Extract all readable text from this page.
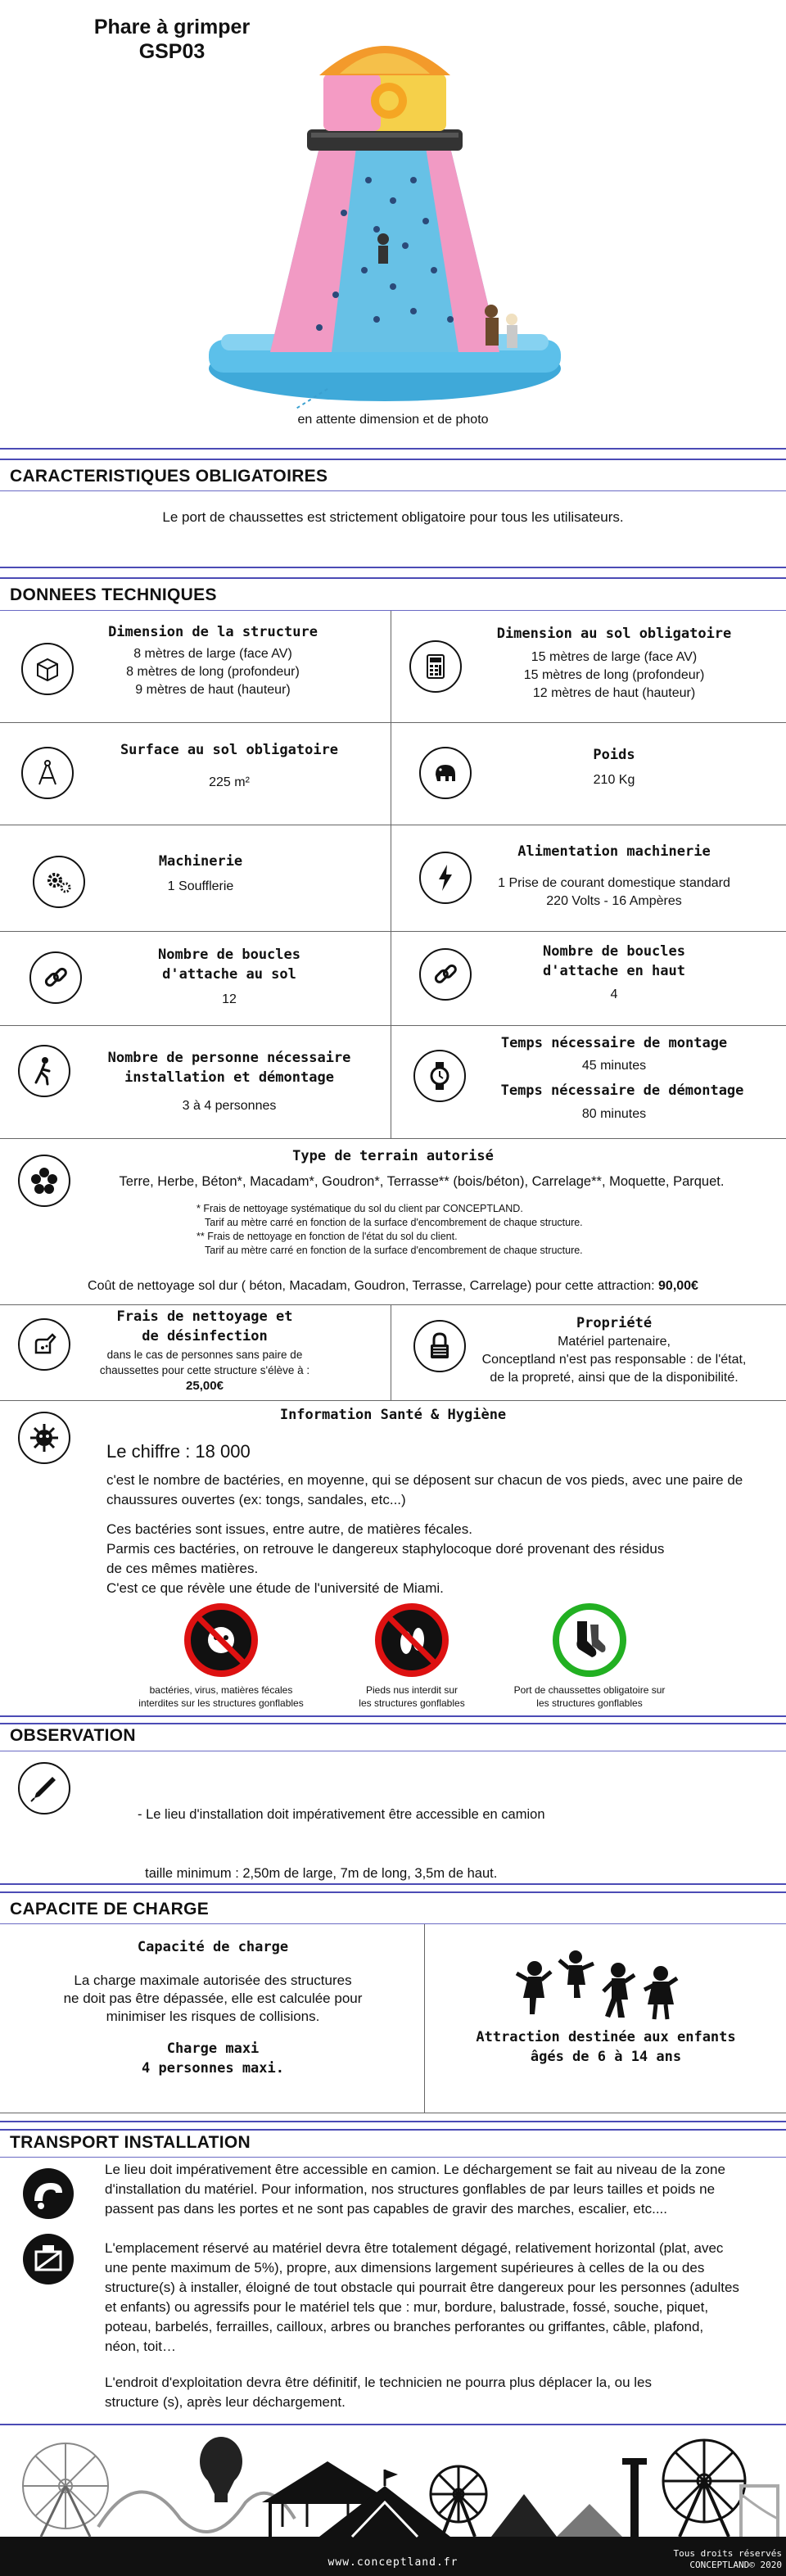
Phare à grimper
GSP03
en attente dimension et de photo
CARACTERISTIQUES OBLIGATOIRES
Le port de chaussettes est strictement obligatoire pour tous les utilisateurs.
DONNEES TECHNIQUES
Dimension de la structure
8 mètres de large (face AV)
8 mètres de long (profondeur)
9 mètres de haut (hauteur)
Dimension au sol obligatoire
15 mètres de large (face AV)
15 mètres de long (profondeur)
12 mètres de haut (hauteur)
Surface au sol obligatoire
225 m²
Poids
210 Kg
Machinerie
1 Soufflerie
Alimentation machinerie
1 Prise de courant domestique standard
220 Volts - 16 Ampères
Nombre de boucles
d'attache au sol
12
Nombre de boucles
d'attache en haut
4
Nombre de personne nécessaire
installation et démontage
3 à 4 personnes
Temps nécessaire de montage
45 minutes
Temps nécessaire de démontage
80 minutes
Type de terrain autorisé
Terre, Herbe, Béton*, Macadam*, Goudron*, Terrasse** (bois/béton), Carrelage**, Moquette, Parquet.
* Frais de nettoyage systématique du sol du client par CONCEPTLAND.
Tarif au mètre carré en fonction de la surface d'encombrement de chaque structure.
** Frais de nettoyage en fonction de l'état du sol du client.
Tarif au mètre carré en fonction de la surface d'encombrement de chaque structure.
Coût de nettoyage sol dur ( béton, Macadam, Goudron, Terrasse, Carrelage) pour cette attraction: 90,00€
Frais de nettoyage et
de désinfection
dans le cas de personnes sans paire de
chaussettes pour cette structure s'élève à :
25,00€
Propriété
Matériel partenaire,
Conceptland n'est pas responsable : de l'état,
de la propreté, ainsi que de la disponibilité.
Information Santé & Hygiène
Le chiffre : 18 000
c'est le nombre de bactéries, en moyenne, qui se déposent sur chacun de vos pieds, avec une paire de
chaussures ouvertes (ex: tongs, sandales, etc...)
Ces bactéries sont issues, entre autre, de matières fécales.
Parmis ces bactéries, on retrouve le dangereux staphylocoque doré provenant des résidus
de ces mêmes matières.
C'est ce que révèle une étude de l'université de Miami.
bactéries, virus, matières fécales
interdites sur les structures gonflables
Pieds nus interdit sur
les structures gonflables
Port de chaussettes obligatoire sur
les structures gonflables
OBSERVATION

- Le lieu d'installation doit impérativement être accessible en camion

taille minimum : 2,50m de large, 7m de long, 3,5m de haut.

CAPACITE DE CHARGE
Capacité de charge
La charge maximale autorisée des structures
ne doit pas être dépassée, elle est calculée pour
minimiser les risques de collisions.
Charge maxi
4 personnes maxi.
Attraction destinée aux enfants
âgés de 6 à 14 ans
TRANSPORT INSTALLATION
Le lieu doit impérativement être accessible en camion. Le déchargement se fait au niveau de la zone
d'installation du matériel. Pour information, nos structures gonflables de par leurs tailles et poids ne
passent pas dans les portes et ne sont pas capables de gravir des marches, escalier, etc....
L'emplacement réservé au matériel devra être totalement dégagé, relativement horizontal (plat, avec
une pente maximum de 5%), propre, aux dimensions largement supérieures à celles de la ou des
structure(s) à installer, éloigné de tout obstacle qui pourrait être dangereux pour les personnes (adultes
et enfants) ou agressifs pour le matériel tels que : mur, bordure, balustrade, fossé, souche, piquet,
poteau, barbelés, ferrailles, cailloux, arbres ou branches perforantes ou griffantes, câble, plafond,
néon, toit…
L'endroit d'exploitation devra être définitif, le technicien ne pourra plus déplacer la, ou les
structure (s), après leur déchargement.
www.conceptland.fr
Tous droits réservés
CONCEPTLAND© 2020
